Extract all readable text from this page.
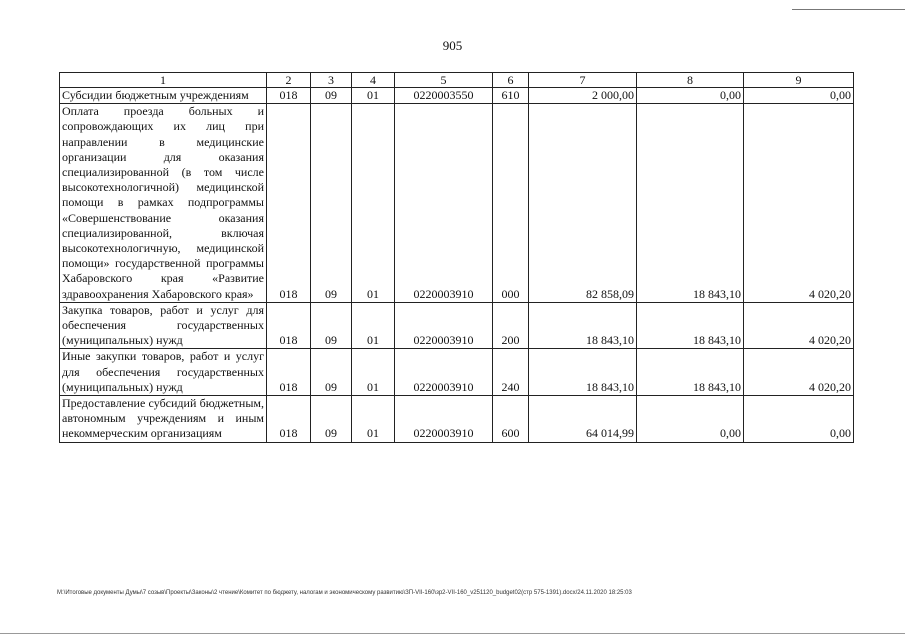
905
1	2	3	4	5	6	7	8	9
Субсидии бюджетным учреждениям	018	09	01	0220003550	610	2 000,00	0,00	0,00
Оплата проезда больных и сопровождающих их лиц при направлении в медицинские организации для оказания специализированной (в том числе высокотехнологичной) медицинской помощи в рамках подпрограммы «Совершенствование оказания специализированной, включая высокотехнологичную, медицинской помощи» государственной программы Хабаровского края «Развитие здравоохранения Хабаровского края»	018	09	01	0220003910	000	82 858,09	18 843,10	4 020,20
Закупка товаров, работ и услуг для обеспечения государственных (муниципальных) нужд	018	09	01	0220003910	200	18 843,10	18 843,10	4 020,20
Иные закупки товаров, работ и услуг для обеспечения государственных (муниципальных) нужд	018	09	01	0220003910	240	18 843,10	18 843,10	4 020,20
Предоставление субсидий бюджетным, автономным учреждениям и иным некоммерческим организациям	018	09	01	0220003910	600	64 014,99	0,00	0,00
M:\Итоговые документы Думы\7 созыв\Проекты\Законы\2 чтение\Комитет по бюджету, налогам и экономическому развитию\ЗП-VII-160\зр2-VII-160_v251120_budget02(стр 575-1391).docx/24.11.2020 18:25:03
